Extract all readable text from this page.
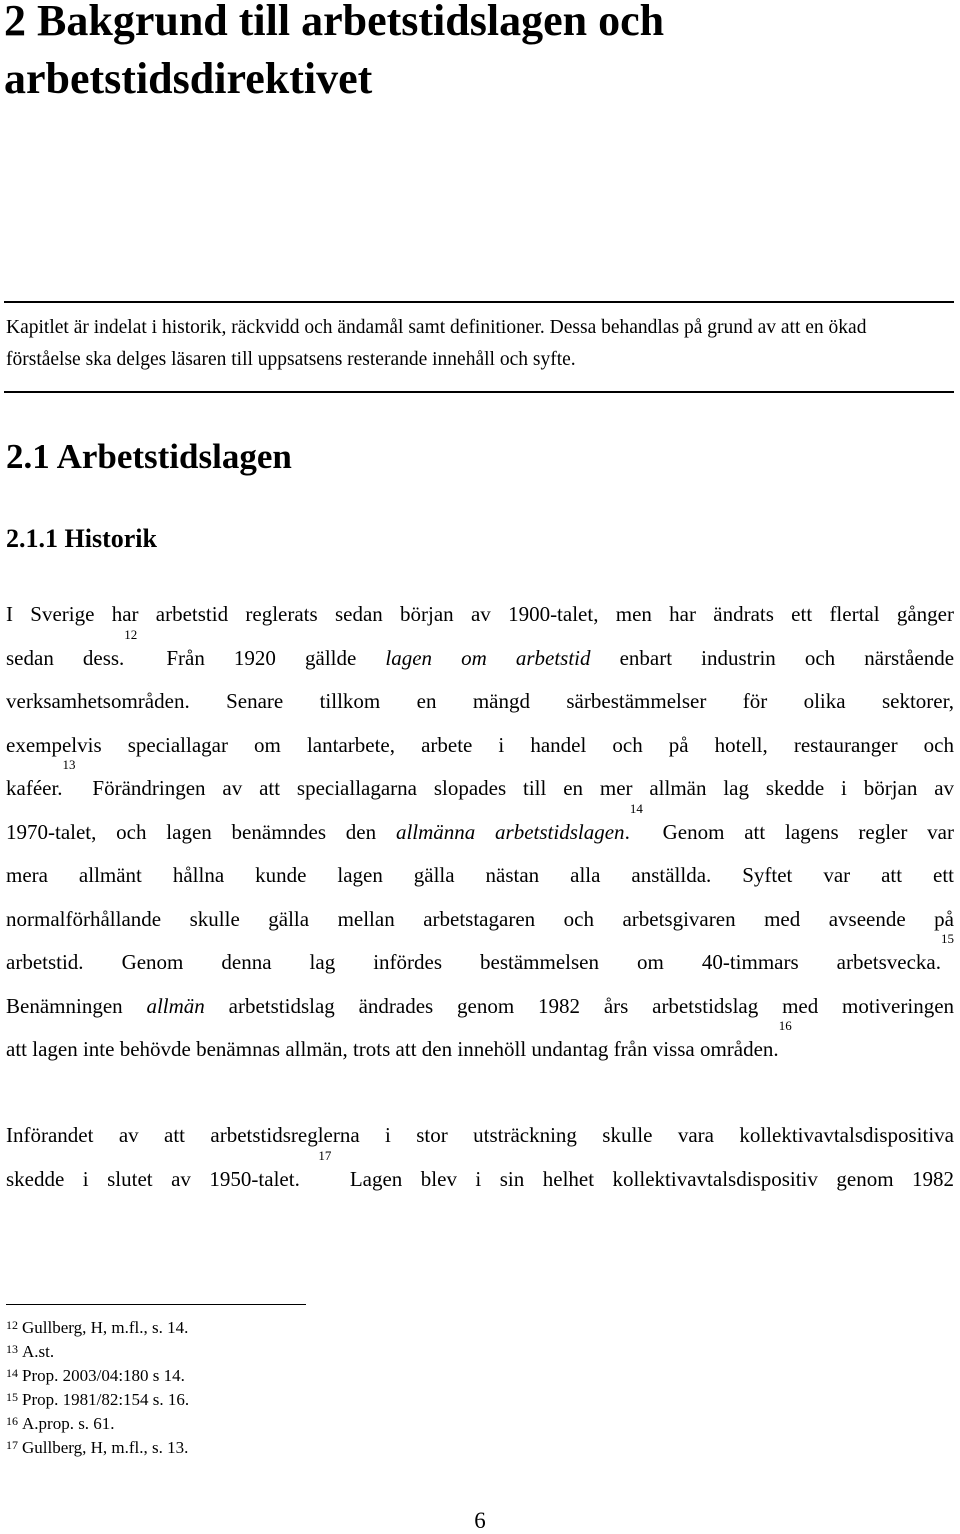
2 Bakgrund till arbetstidslagen och
arbetstidsdirektivet
Kapitlet är indelat i historik, räckvidd och ändamål samt definitioner. Dessa behandlas på grund av att en ökad
förståelse ska delges läsaren till uppsatsens resterande innehåll och syfte.
2.1 Arbetstidslagen
2.1.1 Historik
I Sverige har arbetstid reglerats sedan början av 1900-talet, men har ändrats ett flertal gånger
sedan dess.$^{12}$ Från 1920 gällde lagen om arbetstid enbart industrin och närstående
verksamhetsområden. Senare tillkom en mängd särbestämmelser för olika sektorer,
exempelvis speciallagar om lantarbete, arbete i handel och på hotell, restauranger och
kaféer.$^{13}$ Förändringen av att speciallagarna slopades till en mer allmän lag skedde i början av
1970-talet, och lagen benämndes den allmänna arbetstidslagen.$^{14}$ Genom att lagens regler var
mera allmänt hållna kunde lagen gälla nästan alla anställda. Syftet var att ett
normalförhållande skulle gälla mellan arbetstagaren och arbetsgivaren med avseende på
arbetstid. Genom denna lag infördes bestämmelsen om 40-timmars arbetsvecka.$^{15}$
Benämningen allmän arbetstidslag ändrades genom 1982 års arbetstidslag med motiveringen
att lagen inte behövde benämnas allmän, trots att den innehöll undantag från vissa områden.$^{16}$
Införandet av att arbetstidsreglerna i stor utsträckning skulle vara kollektivavtalsdispositiva
skedde i slutet av 1950-talet. $^{17}$ Lagen blev i sin helhet kollektivavtalsdispositiv genom 1982
$^{12}$ Gullberg, H, m.fl., s. 14.
$^{13}$ A.st.
$^{14}$ Prop. 2003/04:180 s 14.
$^{15}$ Prop. 1981/82:154 s. 16.
$^{16}$ A.prop. s. 61.
$^{17}$ Gullberg, H, m.fl., s. 13.
6
